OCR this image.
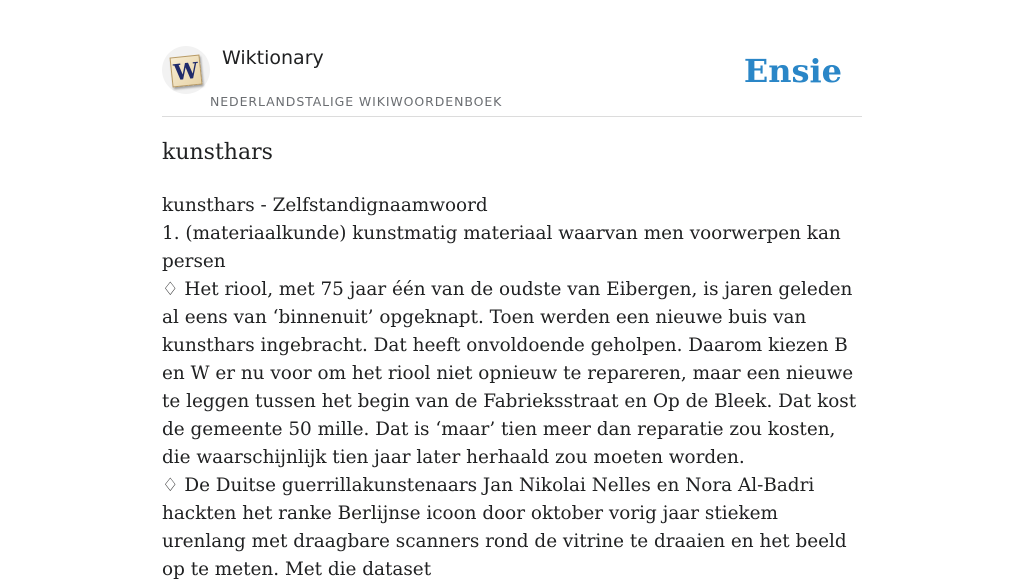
W Wiktionary
NEDERLANDSTALIGE WIKIWOORDENBOEK
Ensie
kunsthars

kunsthars - Zelfstandignaamwoord

1. (materiaalkunde) kunstmatig materiaal waarvan men voorwerpen kan persen

♢ Het riool, met 75 jaar één van de oudste van Eibergen, is jaren geleden al eens van ‘binnenuit’ opgeknapt. Toen werden een nieuwe buis van kunsthars ingebracht. Dat heeft onvoldoende geholpen. Daarom kiezen B en W er nu voor om het riool niet opnieuw te repareren, maar een nieuwe te leggen tussen het begin van de Fabrieksstraat en Op de Bleek. Dat kost de gemeente 50 mille. Dat is ‘maar’ tien meer dan reparatie zou kosten, die waarschijnlijk tien jaar later herhaald zou moeten worden.

♢ De Duitse guerrillakunstenaars Jan Nikolai Nelles en Nora Al-Badri hackten het ranke Berlijnse icoon door oktober vorig jaar stiekem urenlang met draagbare scanners rond de vitrine te draaien en het beeld op te meten. Met die dataset
